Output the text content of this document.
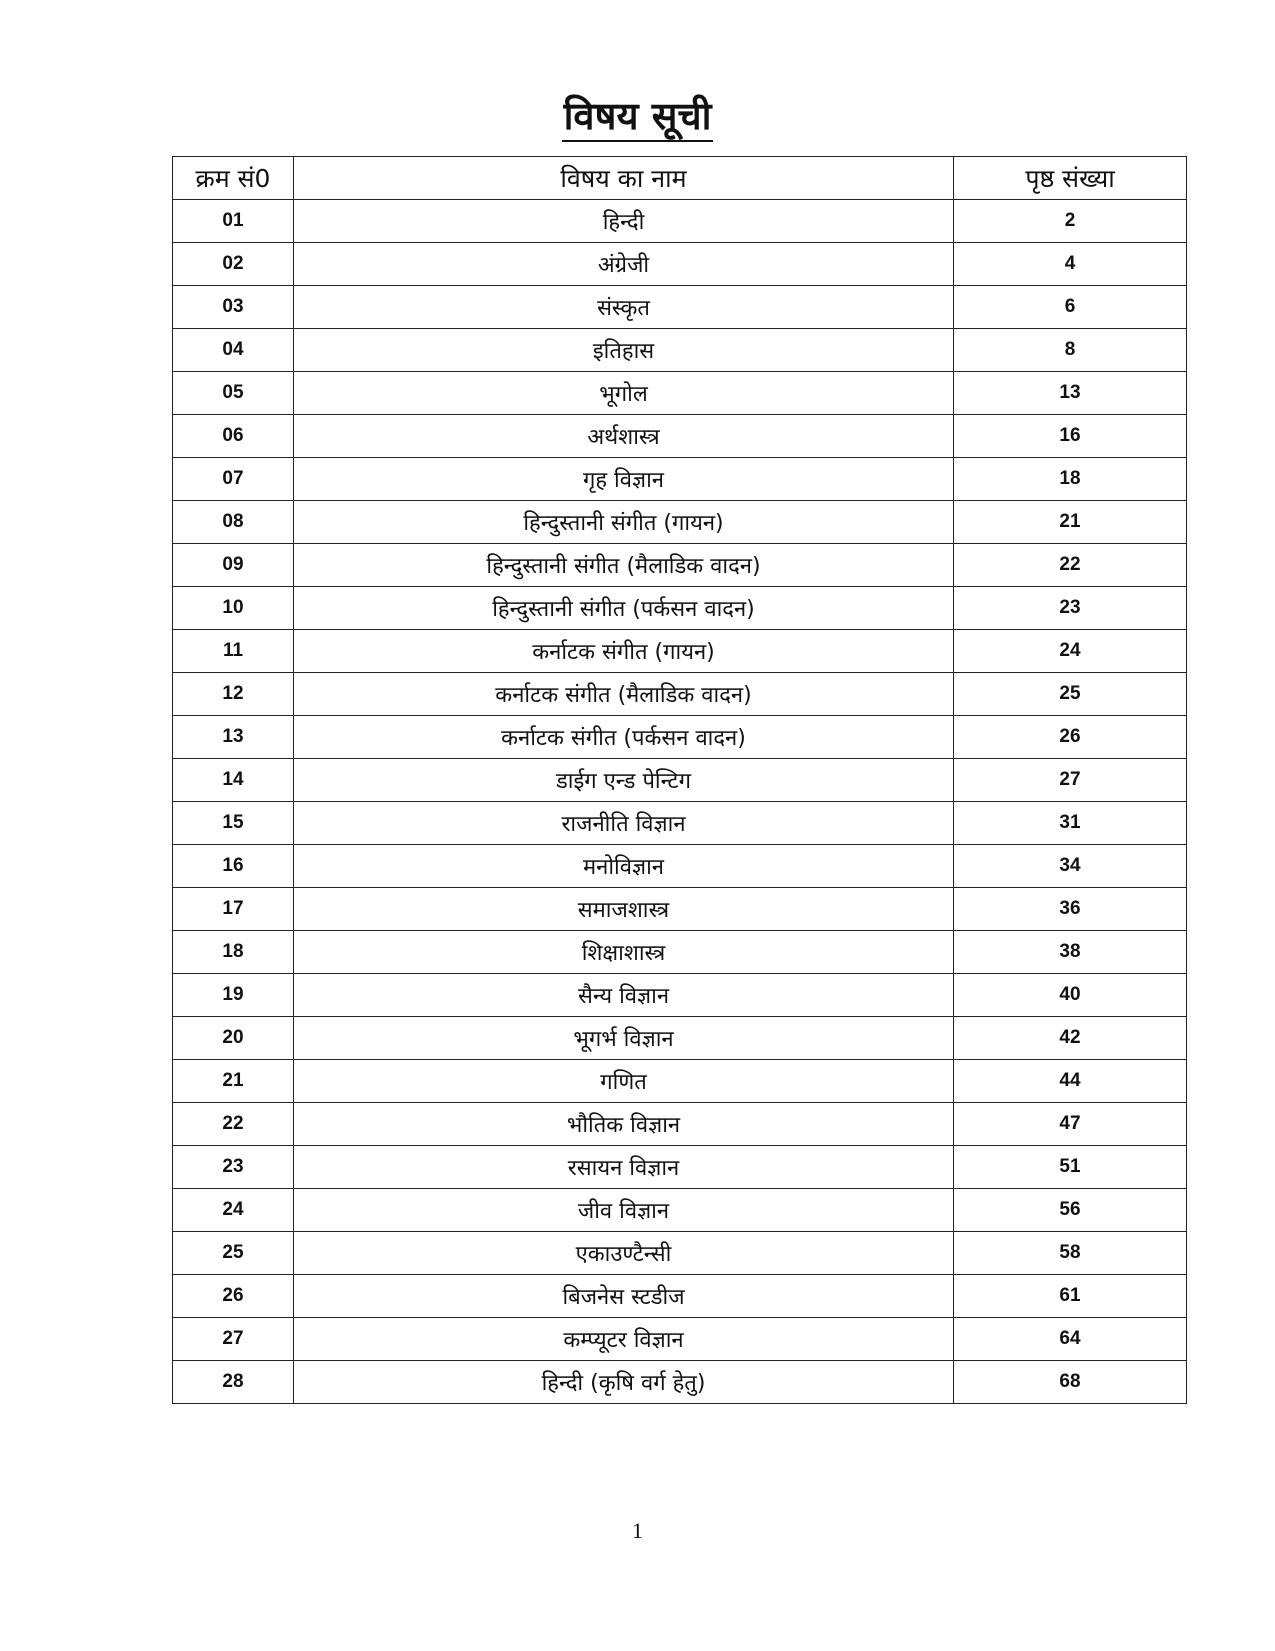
विषय सूची
क्रम सं0	विषय का नाम	पृष्ठ संख्या
01	हिन्दी	2
02	अंग्रेजी	4
03	संस्कृत	6
04	इतिहास	8
05	भूगोल	13
06	अर्थशास्त्र	16
07	गृह विज्ञान	18
08	हिन्दुस्तानी संगीत (गायन)	21
09	हिन्दुस्तानी संगीत (मैलाडिक वादन)	22
10	हिन्दुस्तानी संगीत (पर्कसन वादन)	23
11	कर्नाटक संगीत (गायन)	24
12	कर्नाटक संगीत (मैलाडिक वादन)	25
13	कर्नाटक संगीत (पर्कसन वादन)	26
14	डाईग एन्ड पेन्टिग	27
15	राजनीति विज्ञान	31
16	मनोविज्ञान	34
17	समाजशास्त्र	36
18	शिक्षाशास्त्र	38
19	सैन्य विज्ञान	40
20	भूगर्भ विज्ञान	42
21	गणित	44
22	भौतिक विज्ञान	47
23	रसायन विज्ञान	51
24	जीव विज्ञान	56
25	एकाउण्टैन्सी	58
26	बिजनेस स्टडीज	61
27	कम्प्यूटर विज्ञान	64
28	हिन्दी (कृषि वर्ग हेतु)	68
1
